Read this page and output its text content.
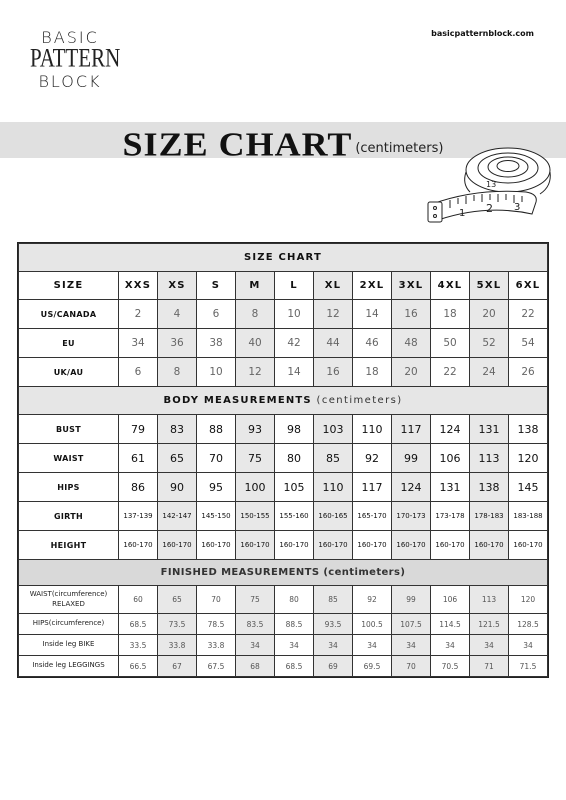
BASIC
PATTERN
BLOCK
basicpatternblock.com
SIZE CHART (centimeters)
1 2 3
13
SIZE CHART											
SIZE	XXS	XS	S	M	L	XL	2XL	3XL	4XL	5XL	6XL
US/CANADA	2	4	6	8	10	12	14	16	18	20	22
EU	34	36	38	40	42	44	46	48	50	52	54
UK/AU	6	8	10	12	14	16	18	20	22	24	26
BODY MEASUREMENTS (centimeters)											
BUST	79	83	88	93	98	103	110	117	124	131	138
WAIST	61	65	70	75	80	85	92	99	106	113	120
HIPS	86	90	95	100	105	110	117	124	131	138	145
GIRTH	137-139	142-147	145-150	150-155	155-160	160-165	165-170	170-173	173-178	178-183	183-188
HEIGHT	160-170	160-170	160-170	160-170	160-170	160-170	160-170	160-170	160-170	160-170	160-170
FINISHED MEASUREMENTS (centimeters)											

WAIST(circumference)
RELAXED	60	65	70	75	80	85	92	99	106	113	120

HIPS(circumference)	68.5	73.5	78.5	83.5	88.5	93.5	100.5	107.5	114.5	121.5	128.5

Inside leg BIKE	33.5	33.8	33.8	34	34	34	34	34	34	34	34

Inside leg LEGGINGS	66.5	67	67.5	68	68.5	69	69.5	70	70.5	71	71.5
